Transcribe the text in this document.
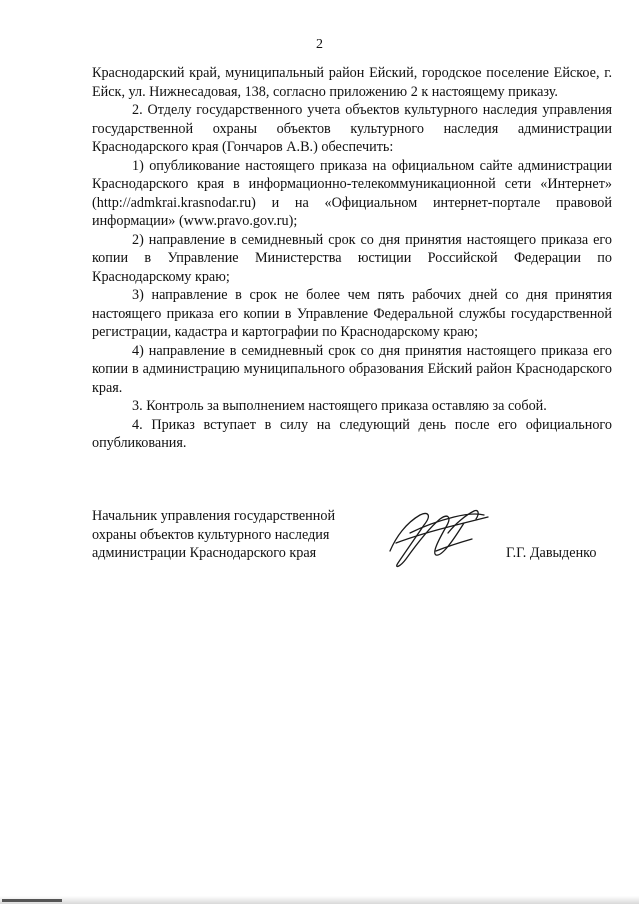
2

Краснодарский край, муниципальный район Ейский, городское поселение Ейское, г. Ейск, ул. Нижнесадовая, 138, согласно приложению 2 к настоящему приказу.

2. Отделу государственного учета объектов культурного наследия управления государственной охраны объектов культурного наследия администрации Краснодарского края (Гончаров А.В.) обеспечить:

1) опубликование настоящего приказа на официальном сайте администрации Краснодарского края в информационно-телекоммуникационной сети «Интернет» (http://admkrai.krasnodar.ru) и на «Официальном интернет-портале правовой информации» (www.pravo.gov.ru);

2) направление в семидневный срок со дня принятия настоящего приказа его копии в Управление Министерства юстиции Российской Федерации по Краснодарскому краю;

3) направление в срок не более чем пять рабочих дней со дня принятия настоящего приказа его копии в Управление Федеральной службы государственной регистрации, кадастра и картографии по Краснодарскому краю;

4) направление в семидневный срок со дня принятия настоящего приказа его копии в администрацию муниципального образования Ейский район Краснодарского края.

3. Контроль за выполнением настоящего приказа оставляю за собой.

4. Приказ вступает в силу на следующий день после его официального опубликования.

Начальник управления государственной
охраны объектов культурного наследия
администрации Краснодарского края	Г.Г. Давыденко
